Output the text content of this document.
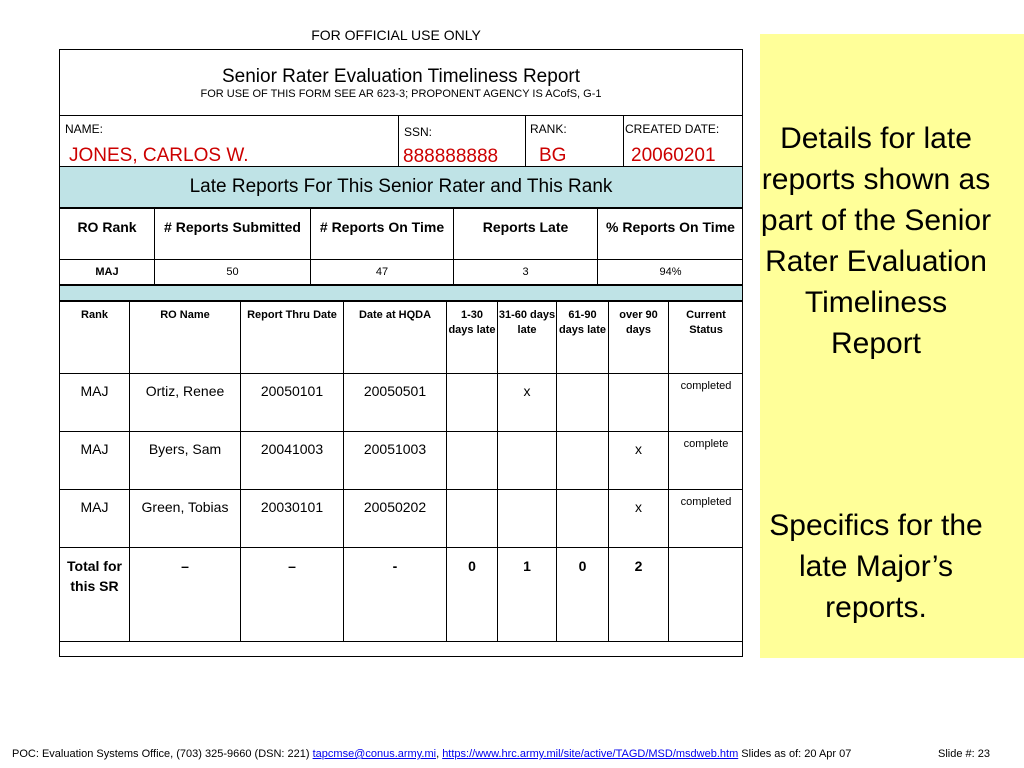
FOR OFFICIAL USE ONLY
Senior Rater Evaluation Timeliness Report
FOR USE OF THIS FORM SEE AR 623-3; PROPONENT AGENCY IS ACofS, G-1
NAME:
JONES, CARLOS W.
SSN:
888888888
RANK:
BG
CREATED DATE:
20060201
Late Reports For This Senior Rater and This Rank
RO Rank	# Reports Submitted	# Reports On Time	Reports Late	% Reports On Time
MAJ	50	47	3	94%
Rank	RO Name	Report Thru Date	Date at HQDA	1-30 days late	31-60 days late	61-90 days late	over 90 days	Current Status
MAJ	Ortiz, Renee	20050101	20050501		x			completed
MAJ	Byers, Sam	20041003	20051003				x	complete
MAJ	Green, Tobias	20030101	20050202				x	completed
Total for this SR	–	–	-	0	1	0	2	
Details for late reports shown as part of the Senior Rater Evaluation Timeliness Report
Specifics for the late Major’s reports.
POC: Evaluation Systems Office, (703) 325-9660 (DSN: 221) tapcmse@conus.army.mi, https://www.hrc.army.mil/site/active/TAGD/MSD/msdweb.htm Slides as of: 20 Apr 07	Slide #: 23
